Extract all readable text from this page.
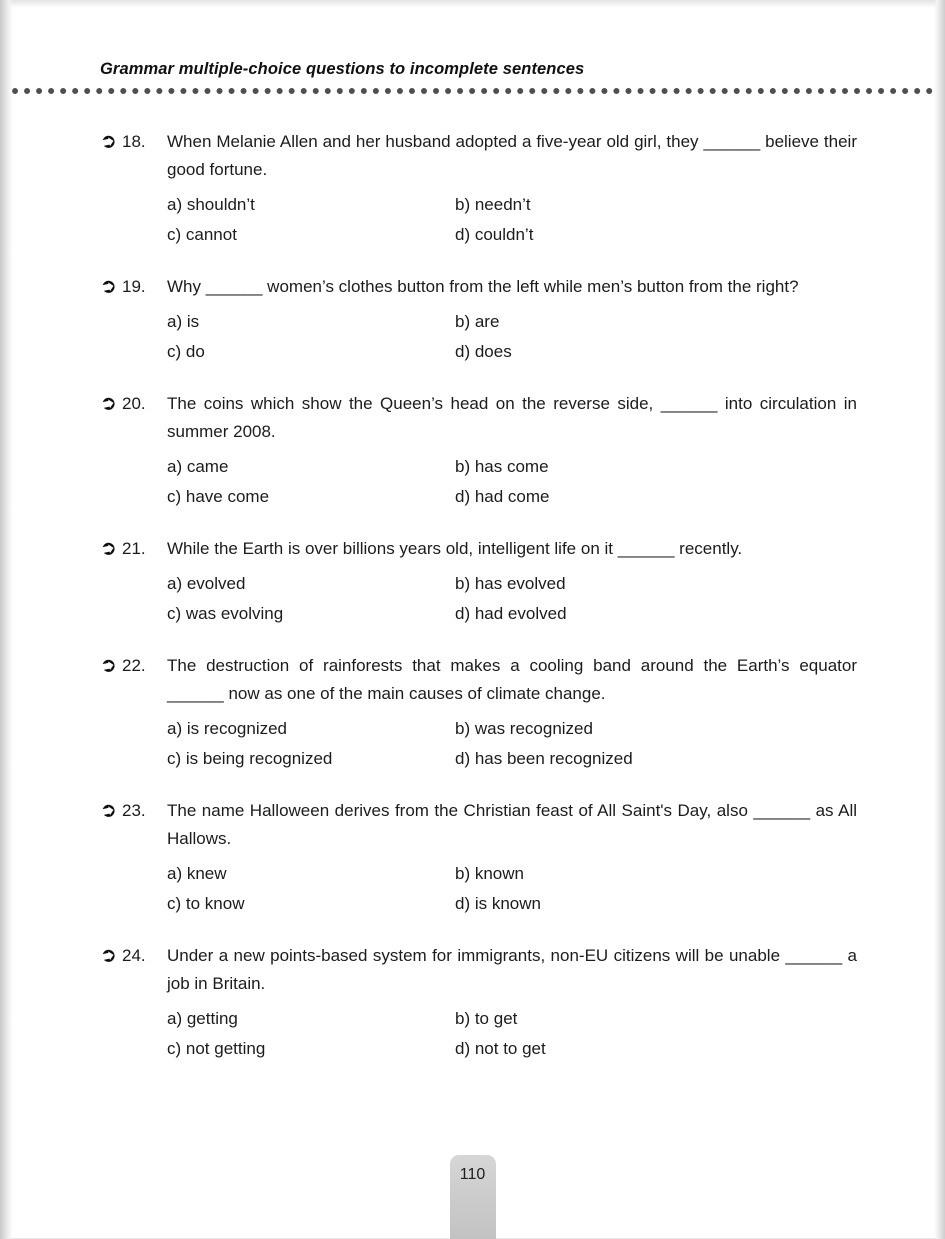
Grammar multiple-choice questions to incomplete sentences
➲ 18.	When Melanie Allen and her husband adopted a five-year old girl, they ______ believe their good fortune.
a) shouldn’t	b) needn’t
c) cannot	d) couldn’t
➲ 19.	Why ______ women’s clothes button from the left while men’s button from the right?
a) is	b) are
c) do	d) does
➲ 20.	The coins which show the Queen’s head on the reverse side, ______ into circulation in summer 2008.
a) came	b) has come
c) have come	d) had come
➲ 21.	While the Earth is over billions years old, intelligent life on it ______ recently.
a) evolved	b) has evolved
c) was evolving	d) had evolved
➲ 22.	The destruction of rainforests that makes a cooling band around the Earth’s equator ______ now as one of the main causes of climate change.
a) is recognized	b) was recognized
c) is being recognized	d) has been recognized
➲ 23.	The name Halloween derives from the Christian feast of All Saint's Day, also ______ as All Hallows.
a) knew	b) known
c) to know	d) is known
➲ 24.	Under a new points-based system for immigrants, non-EU citizens will be unable ______ a job in Britain.
a) getting	b) to get
c) not getting	d) not to get
110
